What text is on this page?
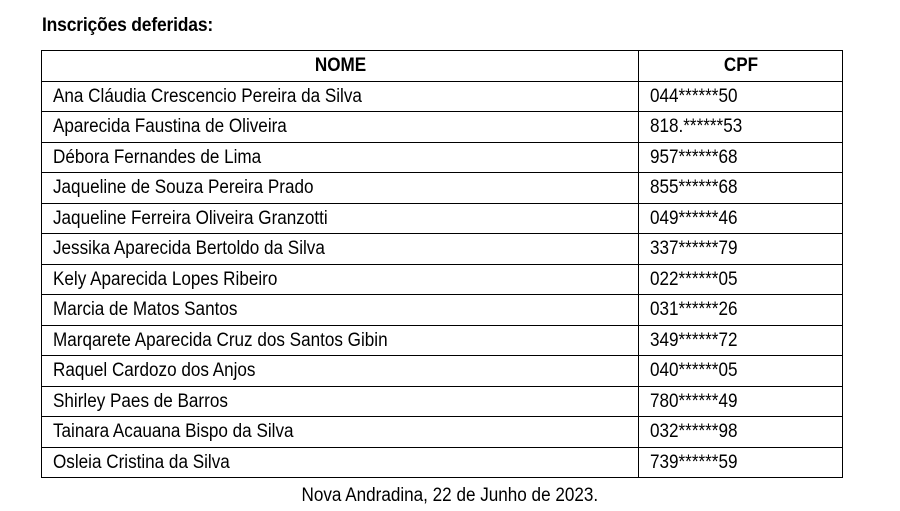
Inscrições deferidas:
NOME	CPF
Ana Cláudia Crescencio Pereira da Silva	044******50
Aparecida Faustina de Oliveira	818.******53
Débora Fernandes de Lima	957******68
Jaqueline de Souza Pereira Prado	855******68
Jaqueline Ferreira Oliveira Granzotti	049******46
Jessika Aparecida Bertoldo da Silva	337******79
Kely Aparecida Lopes Ribeiro	022******05
Marcia de Matos Santos	031******26
Marqarete Aparecida Cruz dos Santos Gibin	349******72
Raquel Cardozo dos Anjos	040******05
Shirley Paes de Barros	780******49
Tainara Acauana Bispo da Silva	032******98
Osleia Cristina da Silva	739******59
Nova Andradina, 22 de Junho de 2023.
